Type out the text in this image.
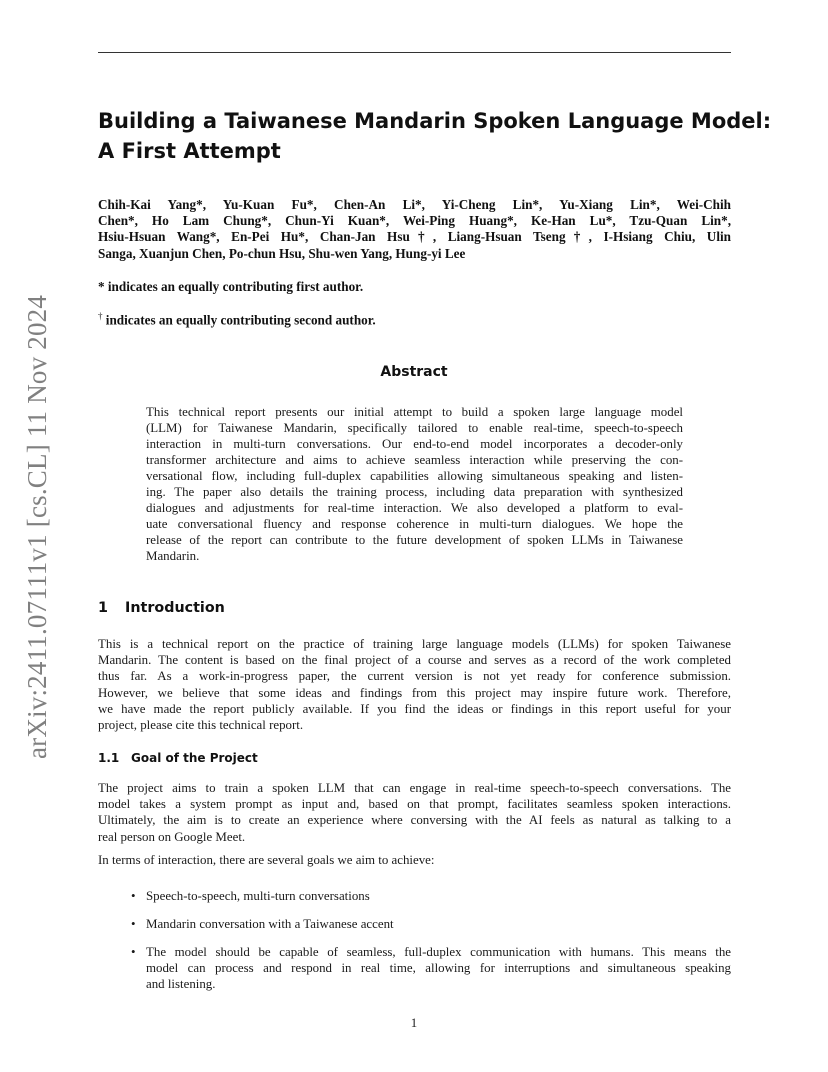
arXiv:2411.07111v1 [cs.CL] 11 Nov 2024
Building a Taiwanese Mandarin Spoken Language Model:
A First Attempt
Chih-Kai Yang*, Yu-Kuan Fu*, Chen-An Li*, Yi-Cheng Lin*, Yu-Xiang Lin*, Wei-Chih
Chen*, Ho Lam Chung*, Chun-Yi Kuan*, Wei-Ping Huang*, Ke-Han Lu*, Tzu-Quan Lin*,
Hsiu-Hsuan Wang*, En-Pei Hu*, Chan-Jan Hsu†, Liang-Hsuan Tseng†, I-Hsiang Chiu, Ulin
Sanga, Xuanjun Chen, Po-chun Hsu, Shu-wen Yang, Hung-yi Lee
* indicates an equally contributing first author.
† indicates an equally contributing second author.
Abstract
This technical report presents our initial attempt to build a spoken large language model
(LLM) for Taiwanese Mandarin, specifically tailored to enable real-time, speech-to-speech
interaction in multi-turn conversations. Our end-to-end model incorporates a decoder-only
transformer architecture and aims to achieve seamless interaction while preserving the con-
versational flow, including full-duplex capabilities allowing simultaneous speaking and listen-
ing. The paper also details the training process, including data preparation with synthesized
dialogues and adjustments for real-time interaction. We also developed a platform to eval-
uate conversational fluency and response coherence in multi-turn dialogues. We hope the
release of the report can contribute to the future development of spoken LLMs in Taiwanese
Mandarin.
1 Introduction
This is a technical report on the practice of training large language models (LLMs) for spoken Taiwanese
Mandarin. The content is based on the final project of a course and serves as a record of the work completed
thus far. As a work-in-progress paper, the current version is not yet ready for conference submission.
However, we believe that some ideas and findings from this project may inspire future work. Therefore,
we have made the report publicly available. If you find the ideas or findings in this report useful for your
project, please cite this technical report.
1.1 Goal of the Project
The project aims to train a spoken LLM that can engage in real-time speech-to-speech conversations. The
model takes a system prompt as input and, based on that prompt, facilitates seamless spoken interactions.
Ultimately, the aim is to create an experience where conversing with the AI feels as natural as talking to a
real person on Google Meet.
In terms of interaction, there are several goals we aim to achieve:
• Speech-to-speech, multi-turn conversations
• Mandarin conversation with a Taiwanese accent
• The model should be capable of seamless, full-duplex communication with humans. This means the
model can process and respond in real time, allowing for interruptions and simultaneous speaking
and listening.
1
